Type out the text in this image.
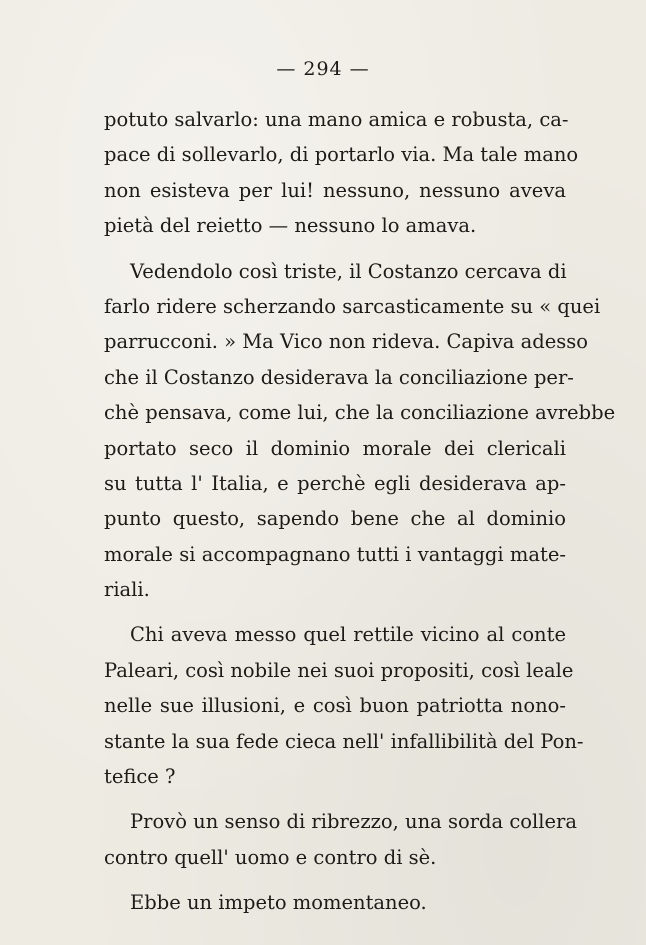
— 294 —
potuto salvarlo: una mano amica e robusta, ca-
pace di sollevarlo, di portarlo via. Ma tale mano
non esisteva per lui! nessuno, nessuno aveva
pietà del reietto — nessuno lo amava.
Vedendolo così triste, il Costanzo cercava di
farlo ridere scherzando sarcasticamente su « quei
parrucconi. » Ma Vico non rideva. Capiva adesso
che il Costanzo desiderava la conciliazione per-
chè pensava, come lui, che la conciliazione avrebbe
portato seco il dominio morale dei clericali
su tutta l' Italia, e perchè egli desiderava ap-
punto questo, sapendo bene che al dominio
morale si accompagnano tutti i vantaggi mate-
riali.
Chi aveva messo quel rettile vicino al conte
Paleari, così nobile nei suoi propositi, così leale
nelle sue illusioni, e così buon patriotta nono-
stante la sua fede cieca nell' infallibilità del Pon-
tefice ?
Provò un senso di ribrezzo, una sorda collera
contro quell' uomo e contro di sè.
Ebbe un impeto momentaneo.
